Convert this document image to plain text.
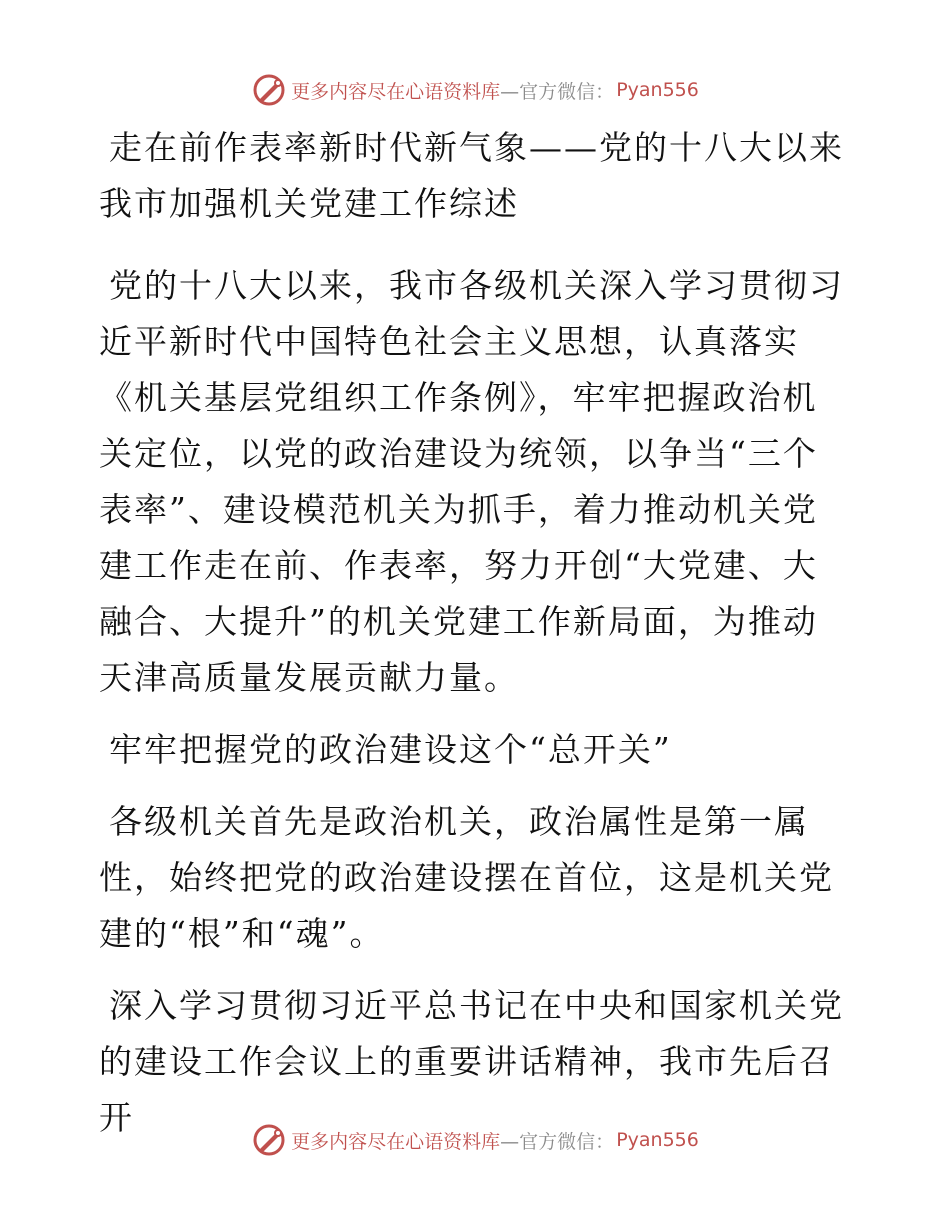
更多内容尽在心语资料库 —官方微信： Pyan556

走在前作表率新时代新气象——党的十八大以来我市加强机关党建工作综述

党的十八大以来，我市各级机关深入学习贯彻习近平新时代中国特色社会主义思想，认真落实《机关基层党组织工作条例》，牢牢把握政治机关定位，以党的政治建设为统领，以争当“三个表率”、建设模范机关为抓手，着力推动机关党建工作走在前、作表率，努力开创“大党建、大融合、大提升”的机关党建工作新局面，为推动天津高质量发展贡献力量。

牢牢把握党的政治建设这个“总开关”

各级机关首先是政治机关，政治属性是第一属性，始终把党的政治建设摆在首位，这是机关党建的“根”和“魂”。

深入学习贯彻习近平总书记在中央和国家机关党的建设工作会议上的重要讲话精神，我市先后召开

更多内容尽在心语资料库 —官方微信： Pyan556
